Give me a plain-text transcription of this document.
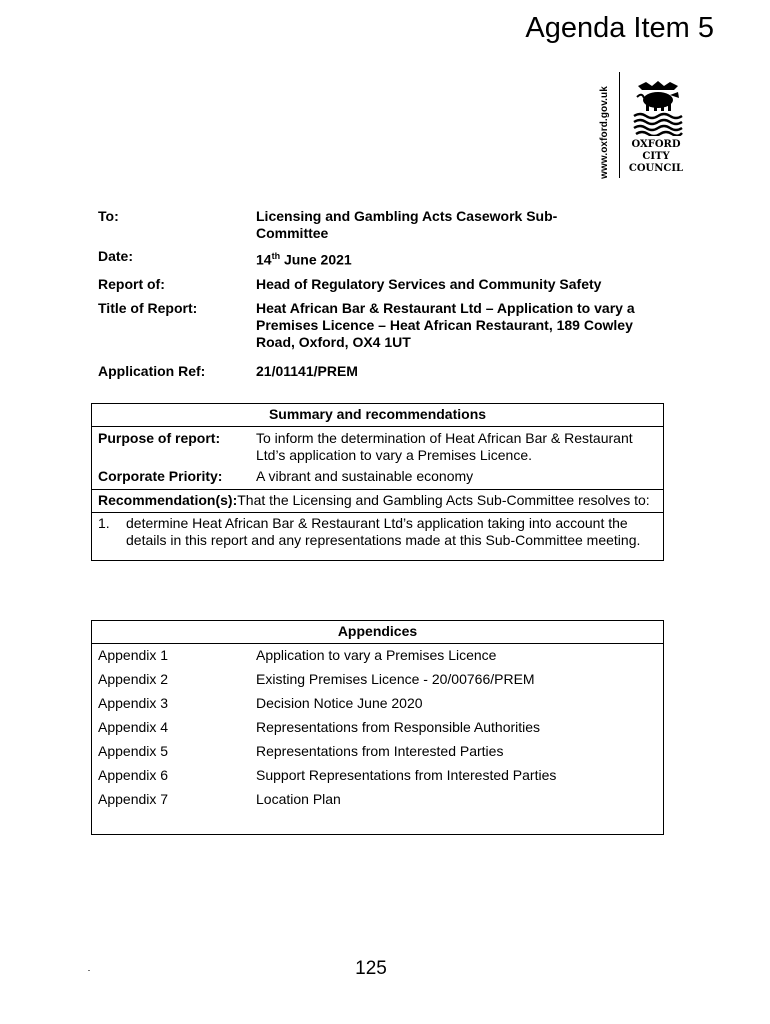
Agenda Item 5
www.oxford.gov.uk	OXFORD
CITY
COUNCIL
To:	Licensing and Gambling Acts Casework Sub-Committee
Date:	14th June 2021
Report of:	Head of Regulatory Services and Community Safety
Title of Report:	Heat African Bar & Restaurant Ltd – Application to vary a Premises Licence – Heat African Restaurant, 189 Cowley Road, Oxford, OX4 1UT
Application Ref:	21/01141/PREM
Summary and recommendations	
Purpose of report:	To inform the determination of Heat African Bar & Restaurant Ltd’s application to vary a Premises Licence.
Corporate Priority:	A vibrant and sustainable economy
Recommendation(s):That the Licensing and Gambling Acts Sub-Committee resolves to:	

1. determine Heat African Bar & Restaurant Ltd’s application taking into account the details in this report and any representations made at this Sub-Committee meeting.	
Appendices	
Appendix 1	Application to vary a Premises Licence
Appendix 2	Existing Premises Licence - 20/00766/PREM
Appendix 3	Decision Notice June 2020
Appendix 4	Representations from Responsible Authorities
Appendix 5	Representations from Interested Parties
Appendix 6	Support Representations from Interested Parties
Appendix 7	Location Plan

125
